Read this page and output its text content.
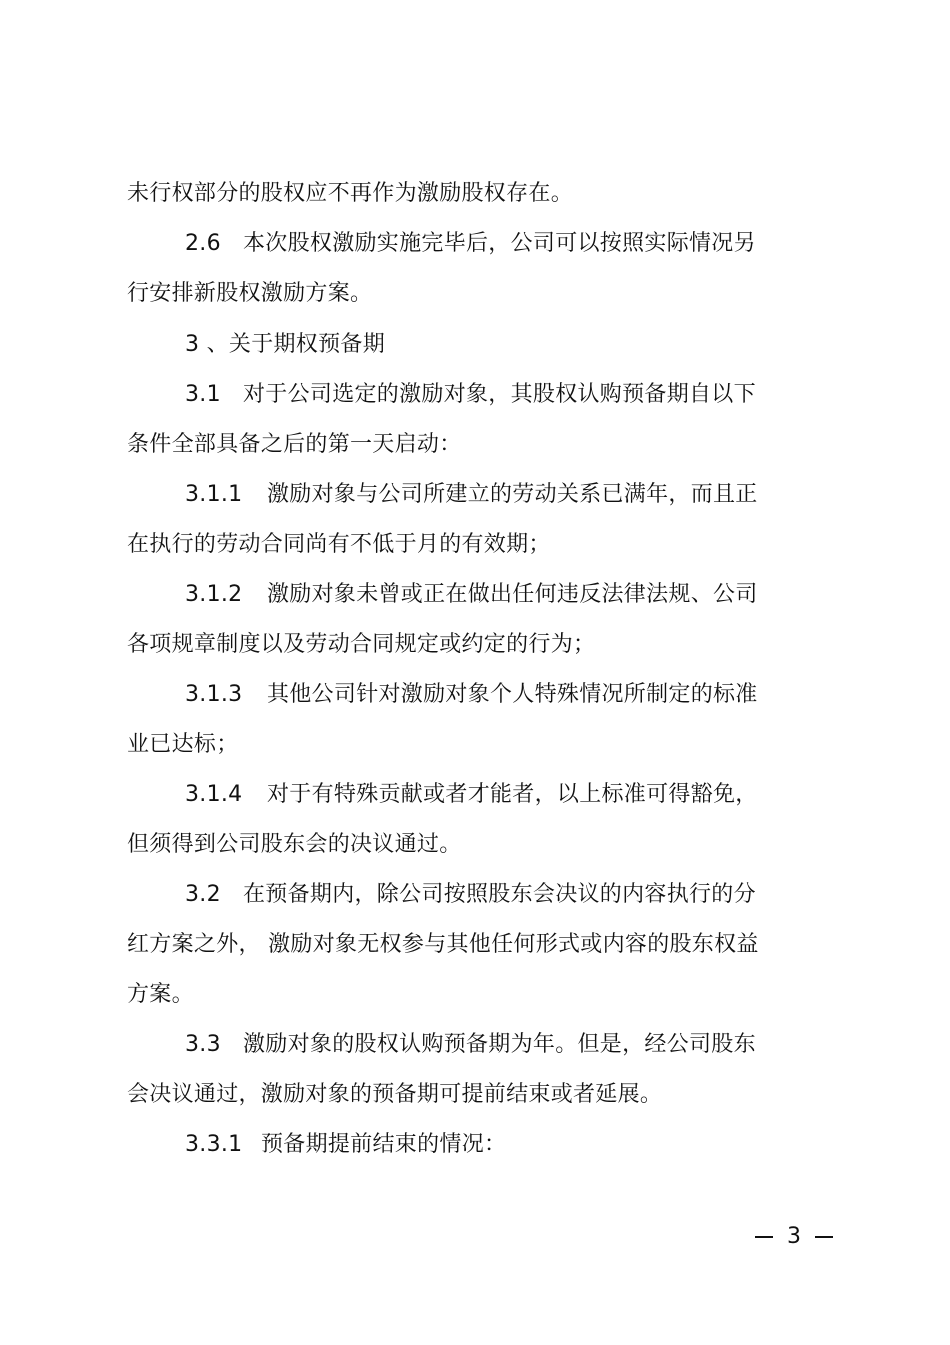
未行权部分的股权应不再作为激励股权存在。
2.6 本次股权激励实施完毕后，公司可以按照实际情况另
行安排新股权激励方案。
3 、关于期权预备期
3.1 对于公司选定的激励对象，其股权认购预备期自以下
条件全部具备之后的第一天启动：
3.1.1 激励对象与公司所建立的劳动关系已满年，而且正
在执行的劳动合同尚有不低于月的有效期；
3.1.2 激励对象未曾或正在做出任何违反法律法规、公司
各项规章制度以及劳动合同规定或约定的行为；
3.1.3 其他公司针对激励对象个人特殊情况所制定的标准
业已达标；
3.1.4 对于有特殊贡献或者才能者，以上标准可得豁免，
但须得到公司股东会的决议通过。
3.2 在预备期内，除公司按照股东会决议的内容执行的分
红方案之外， 激励对象无权参与其他任何形式或内容的股东权益
方案。
3.3 激励对象的股权认购预备期为年。但是，经公司股东
会决议通过，激励对象的预备期可提前结束或者延展。
3.3.1 预备期提前结束的情况：
3
